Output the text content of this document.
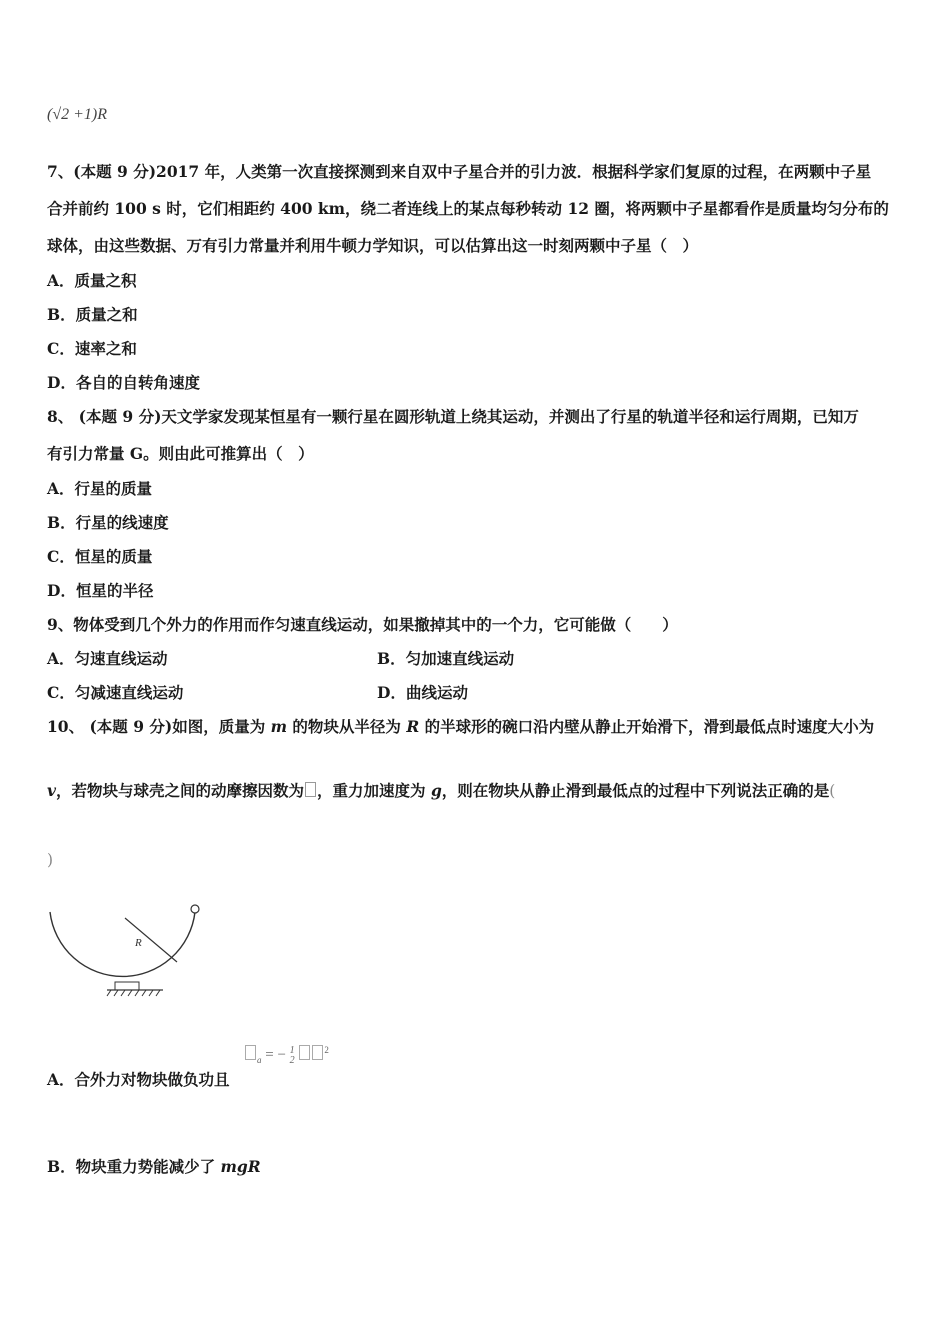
(√2 +1)R
7、(本题 9 分)2017 年，人类第一次直接探测到来自双中子星合并的引力波．根据科学家们复原的过程，在两颗中子星
合并前约 100 s 时，它们相距约 400 km，绕二者连线上的某点每秒转动 12 圈，将两颗中子星都看作是质量均匀分布的
球体，由这些数据、万有引力常量并利用牛顿力学知识，可以估算出这一时刻两颗中子星（　）
A．质量之积
B．质量之和
C．速率之和
D．各自的自转角速度
8、 (本题 9 分)天文学家发现某恒星有一颗行星在圆形轨道上绕其运动，并测出了行星的轨道半径和运行周期，已知万
有引力常量 G。则由此可推算出（　）
A．行星的质量
B．行星的线速度
C．恒星的质量
D．恒星的半径
9、物体受到几个外力的作用而作匀速直线运动，如果撤掉其中的一个力，它可能做（　　）
A．匀速直线运动	B．匀加速直线运动
C．匀减速直线运动	D．曲线运动
10、 (本题 9 分)如图，质量为 m 的物块从半径为 R 的半球形的碗口沿内壁从静止开始滑下，滑到最低点时速度大小为
v，若物块与球壳之间的动摩擦因数为 ，重力加速度为 g，则在物块从静止滑到最低点的过程中下列说法正确的是(
)
R
A．合外力对物块做负功且
$_a$ = − 1
2 $^2$
B．物块重力势能减少了 mgR
